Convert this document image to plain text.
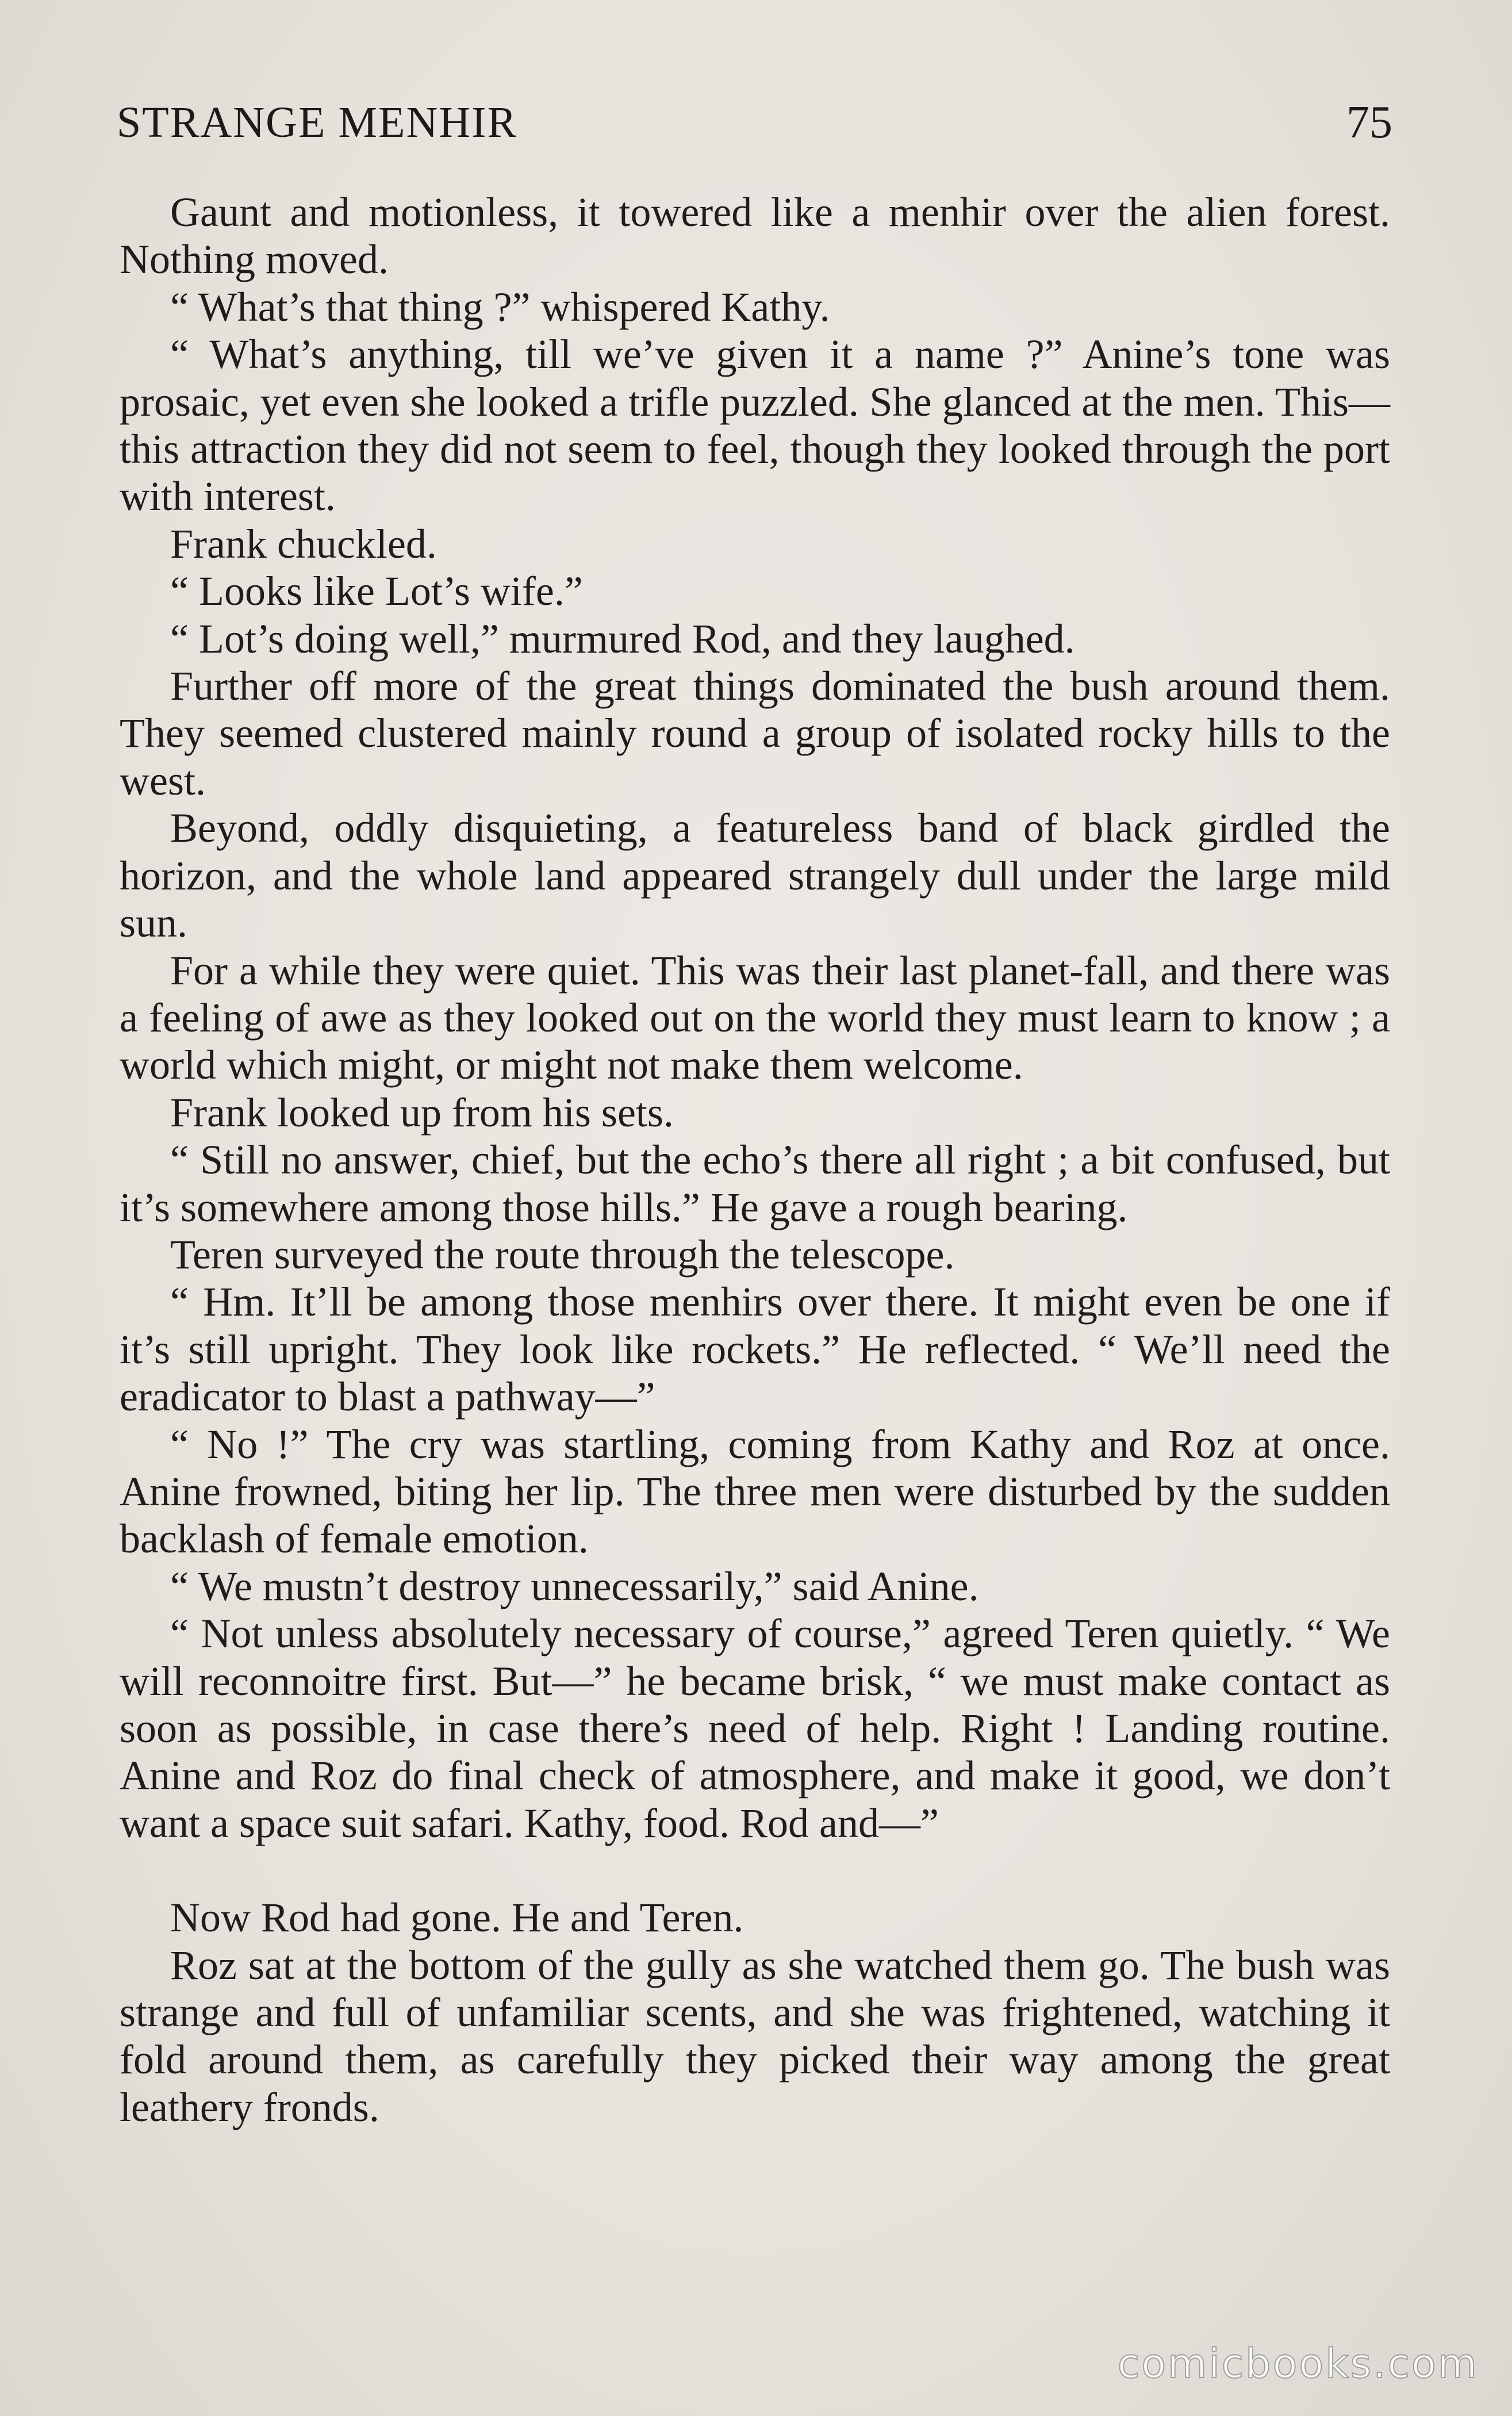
STRANGE MENHIR	75

Gaunt and motionless, it towered like a menhir over the alien forest. Nothing moved.

“ What’s that thing ?” whispered Kathy.

“ What’s anything, till we’ve given it a name ?” Anine’s tone was prosaic, yet even she looked a trifle puzzled. She glanced at the men. This—this attraction they did not seem to feel, though they looked through the port with interest.

Frank chuckled.

“ Looks like Lot’s wife.”

“ Lot’s doing well,” murmured Rod, and they laughed.

Further off more of the great things dominated the bush around them. They seemed clustered mainly round a group of isolated rocky hills to the west.

Beyond, oddly disquieting, a featureless band of black girdled the horizon, and the whole land appeared strangely dull under the large mild sun.

For a while they were quiet. This was their last planet-fall, and there was a feeling of awe as they looked out on the world they must learn to know ; a world which might, or might not make them welcome.

Frank looked up from his sets.

“ Still no answer, chief, but the echo’s there all right ; a bit confused, but it’s somewhere among those hills.” He gave a rough bearing.

Teren surveyed the route through the telescope.

“ Hm. It’ll be among those menhirs over there. It might even be one if it’s still upright. They look like rockets.” He reflected. “ We’ll need the eradicator to blast a pathway—”

“ No !” The cry was startling, coming from Kathy and Roz at once. Anine frowned, biting her lip. The three men were disturbed by the sudden backlash of female emotion.

“ We mustn’t destroy unnecessarily,” said Anine.

“ Not unless absolutely necessary of course,” agreed Teren quietly. “ We will reconnoitre first. But—” he became brisk, “ we must make contact as soon as possible, in case there’s need of help. Right ! Landing routine. Anine and Roz do final check of atmosphere, and make it good, we don’t want a space suit safari. Kathy, food. Rod and—”

Now Rod had gone. He and Teren.

Roz sat at the bottom of the gully as she watched them go. The bush was strange and full of unfamiliar scents, and she was frightened, watching it fold around them, as carefully they picked their way among the great leathery fronds.

comicbooks.com
